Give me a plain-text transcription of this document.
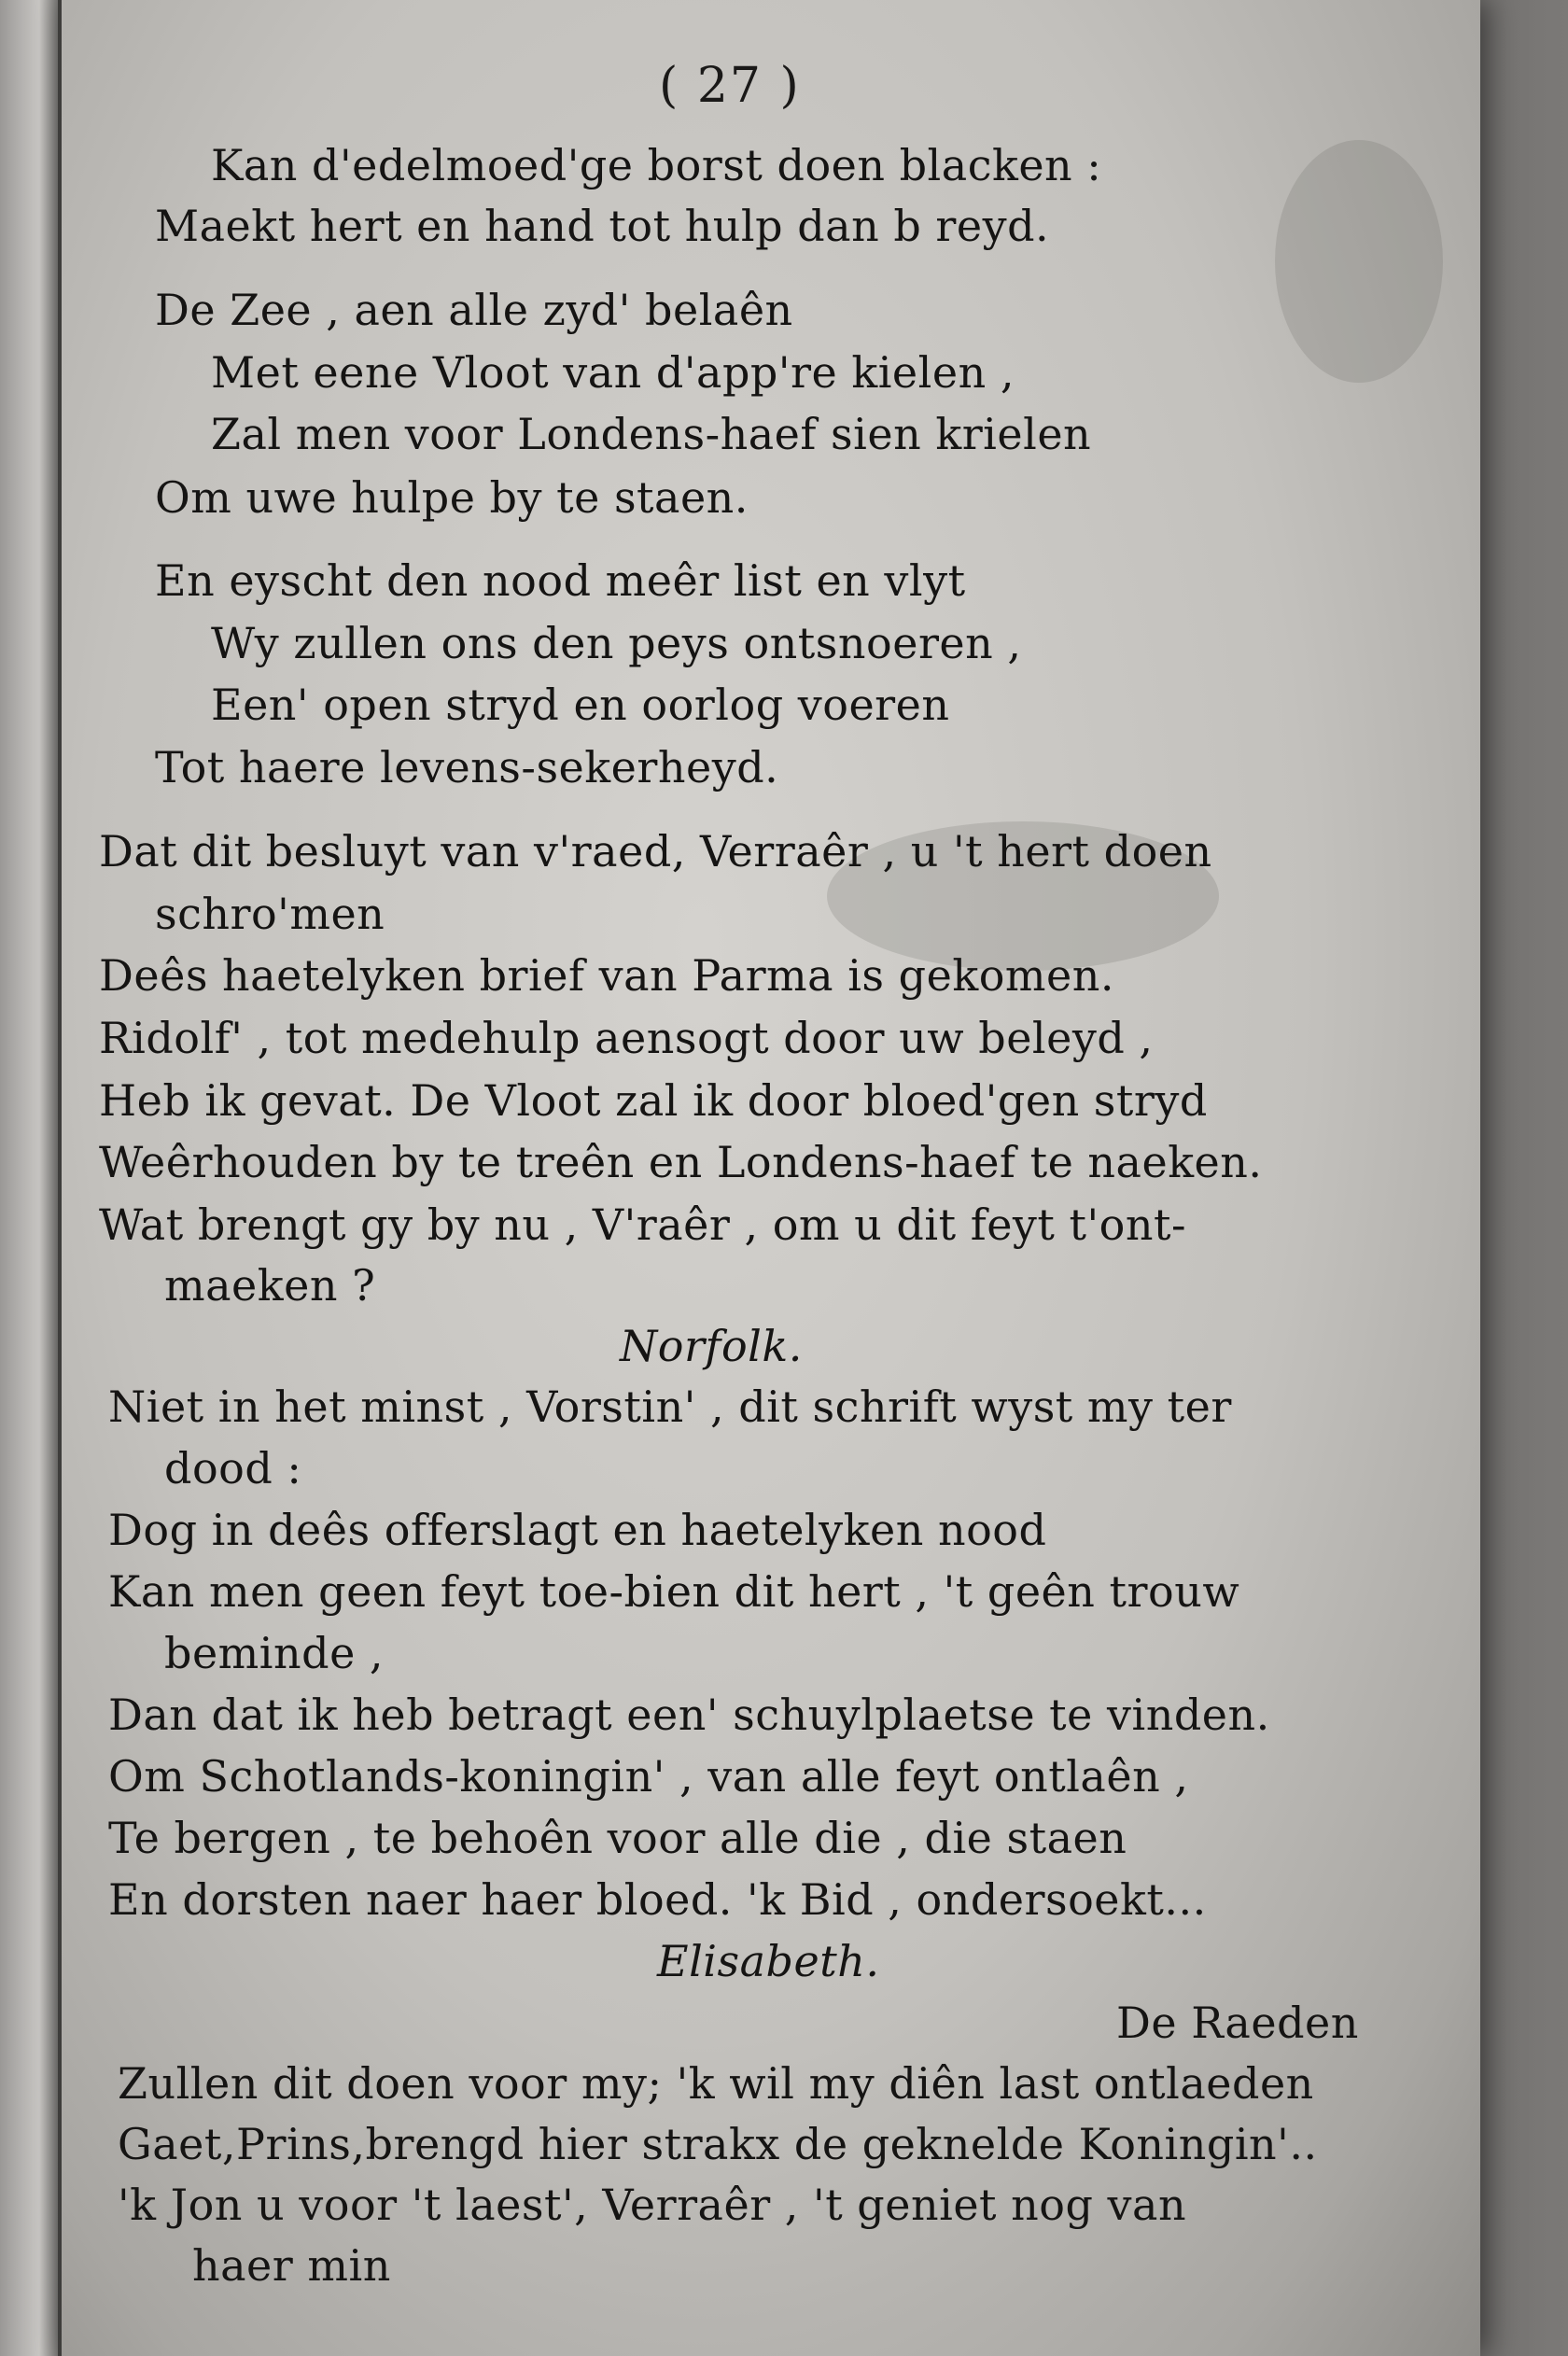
( 27 )
Kan d'edelmoed'ge borst doen blacken :
Maekt hert en hand tot hulp dan b reyd.
De Zee , aen alle zyd' belaên
Met eene Vloot van d'app're kielen ,
Zal men voor Londens-haef sien krielen
Om uwe hulpe by te staen.
En eyscht den nood meêr list en vlyt
Wy zullen ons den peys ontsnoeren ,
Een' open stryd en oorlog voeren
Tot haere levens-sekerheyd.
Dat dit besluyt van v'raed, Verraêr , u 't hert doen
schro'men
Deês haetelyken brief van Parma is gekomen.
Ridolf' , tot medehulp aensogt door uw beleyd ,
Heb ik gevat. De Vloot zal ik door bloed'gen stryd
Weêrhouden by te treên en Londens-haef te naeken.
Wat brengt gy by nu , V'raêr , om u dit feyt t'ont-
maeken ?
Norfolk.
Niet in het minst , Vorstin' , dit schrift wyst my ter
dood :
Dog in deês offerslagt en haetelyken nood
Kan men geen feyt toe-bien dit hert , 't geên trouw
beminde ,
Dan dat ik heb betragt een' schuylplaetse te vinden.
Om Schotlands-koningin' , van alle feyt ontlaên ,
Te bergen , te behoên voor alle die , die staen
En dorsten naer haer bloed. 'k Bid , ondersoekt...
Elisabeth.
De Raeden
Zullen dit doen voor my; 'k wil my diên last ontlaeden
Gaet,Prins,brengd hier strakx de geknelde Koningin'..
'k Jon u voor 't laest', Verraêr , 't geniet nog van
haer min
